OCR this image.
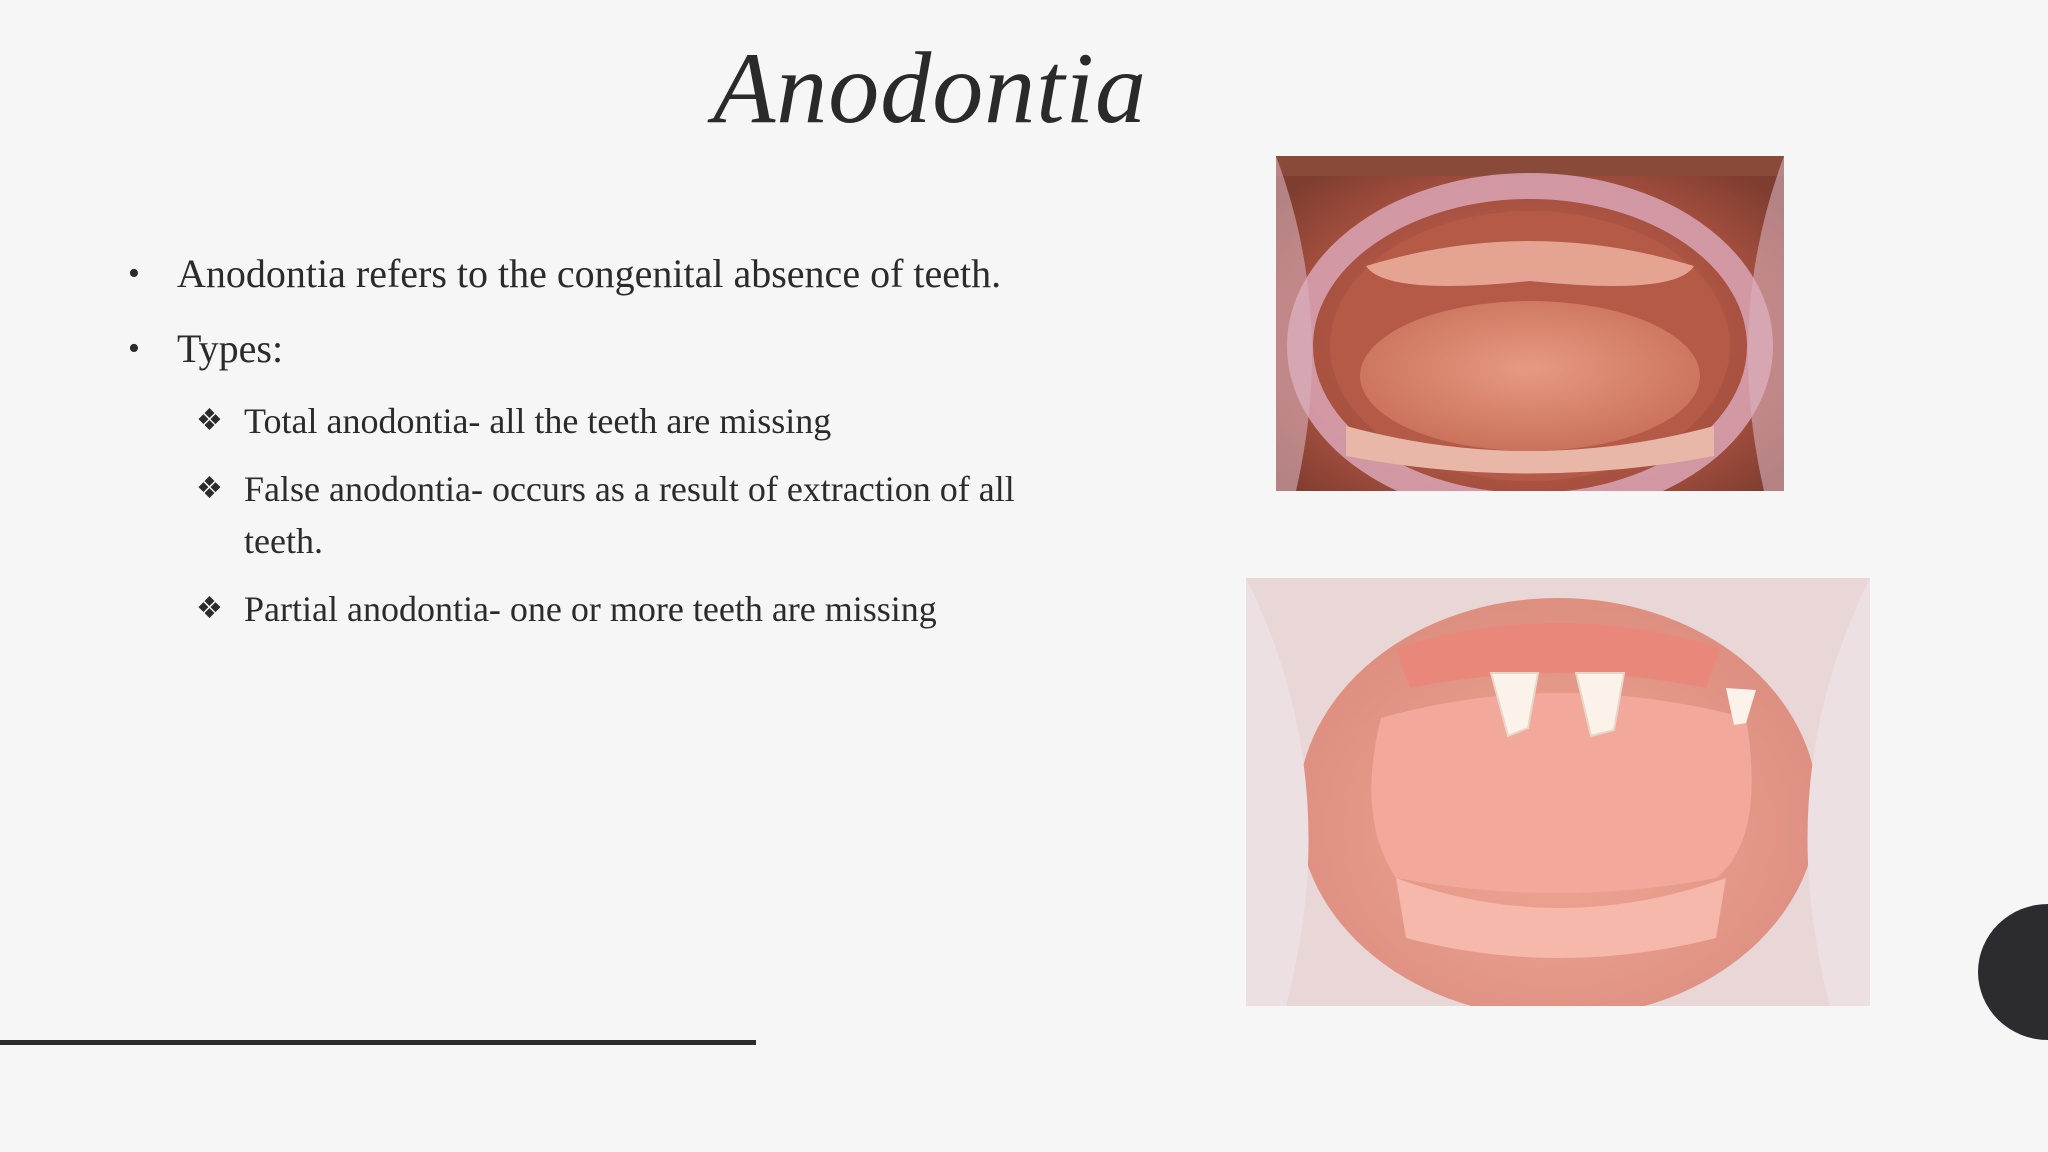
Anodontia
• Anodontia refers to the congenital absence of teeth.
• Types:
❖ Total anodontia- all the teeth are missing
❖ False anodontia- occurs as a result of extraction of all teeth.
❖ Partial anodontia- one or more teeth are missing
